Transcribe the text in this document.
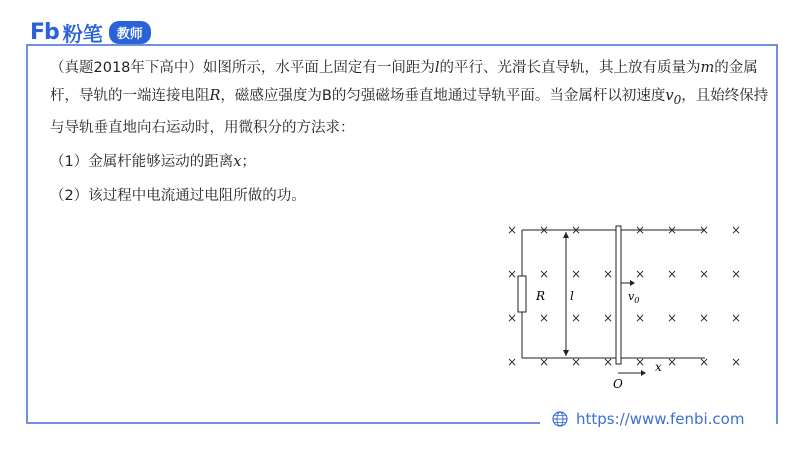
Fb 粉笔	教师

（真题2018年下高中）如图所示，水平面上固定有一间距为l的平行、光滑长直导轨，其上放有质量为m的金属杆，导轨的一端连接电阻R，磁感应强度为B的匀强磁场垂直地通过导轨平面。当金属杆以初速度$v_0$，且始终保持与导轨垂直地向右运动时，用微积分的方法求：

（1）金属杆能够运动的距离x；

（2）该过程中电流通过电阻所做的功。

× × ×	× × × ×
× × × × × × × ×
× × × × × × × ×
× × × × × × × ×
R l	$v_0$
O
x
https://www.fenbi.com
